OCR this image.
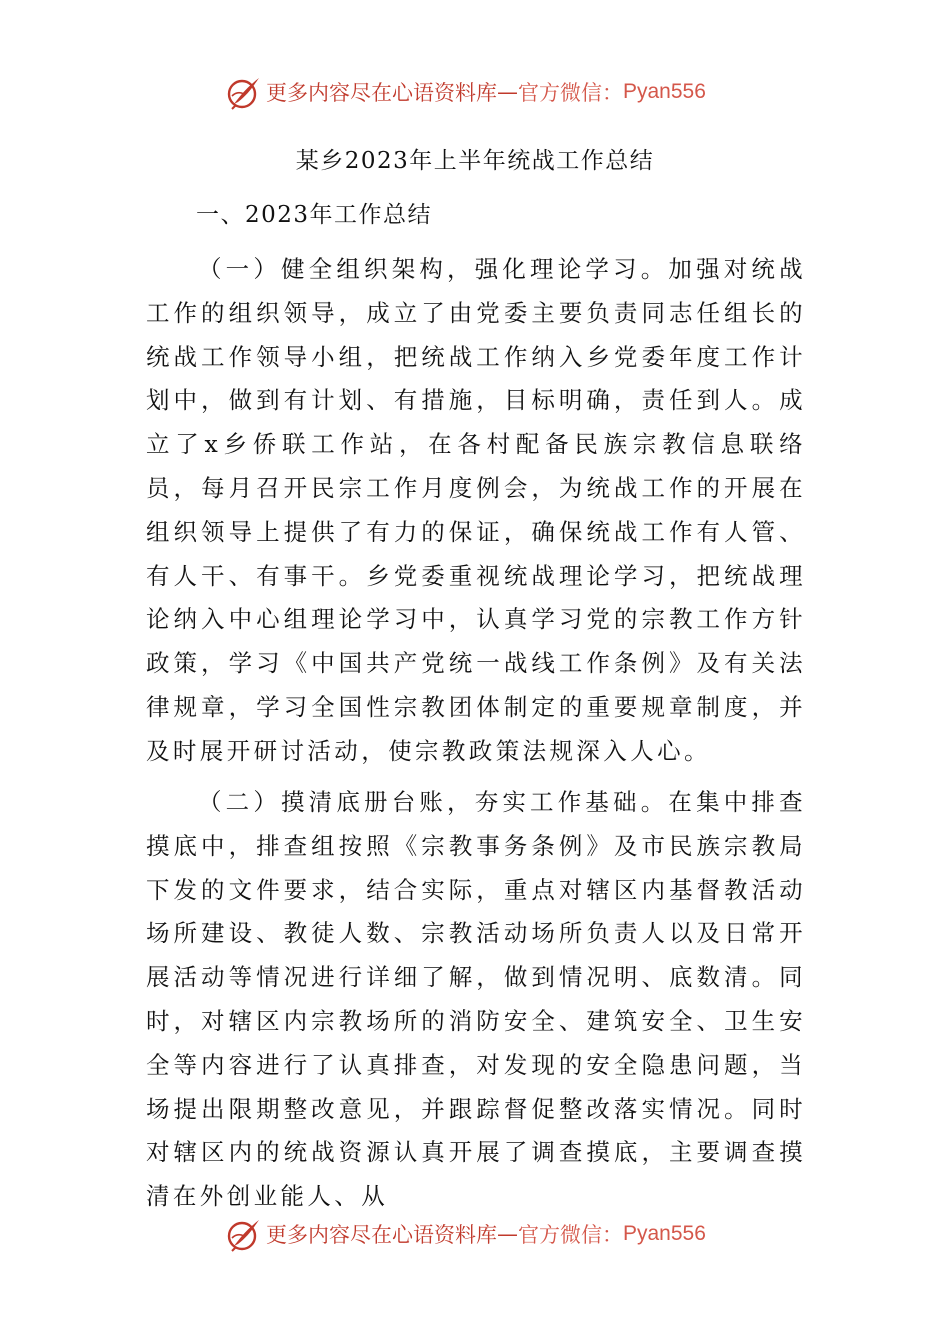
更多内容尽在心语资料库 — 官方微信： Pyan556
某乡2023年上半年统战工作总结
一、2023年工作总结

（一）健全组织架构，强化理论学习。加强对统战工作的组织领导，成立了由党委主要负责同志任组长的统战工作领导小组，把统战工作纳入乡党委年度工作计划中，做到有计划、有措施，目标明确，责任到人。成立了x乡侨联工作站，在各村配备民族宗教信息联络员，每月召开民宗工作月度例会，为统战工作的开展在组织领导上提供了有力的保证，确保统战工作有人管、有人干、有事干。乡党委重视统战理论学习，把统战理论纳入中心组理论学习中，认真学习党的宗教工作方针政策，学习《中国共产党统一战线工作条例》及有关法律规章，学习全国性宗教团体制定的重要规章制度，并及时展开研讨活动，使宗教政策法规深入人心。

（二）摸清底册台账，夯实工作基础。在集中排查摸底中，排查组按照《宗教事务条例》及市民族宗教局下发的文件要求，结合实际，重点对辖区内基督教活动场所建设、教徒人数、宗教活动场所负责人以及日常开展活动等情况进行详细了解，做到情况明、底数清。同时，对辖区内宗教场所的消防安全、建筑安全、卫生安全等内容进行了认真排查，对发现的安全隐患问题，当场提出限期整改意见，并跟踪督促整改落实情况。同时对辖区内的统战资源认真开展了调查摸底，主要调查摸清在外创业能人、从

更多内容尽在心语资料库 — 官方微信： Pyan556
